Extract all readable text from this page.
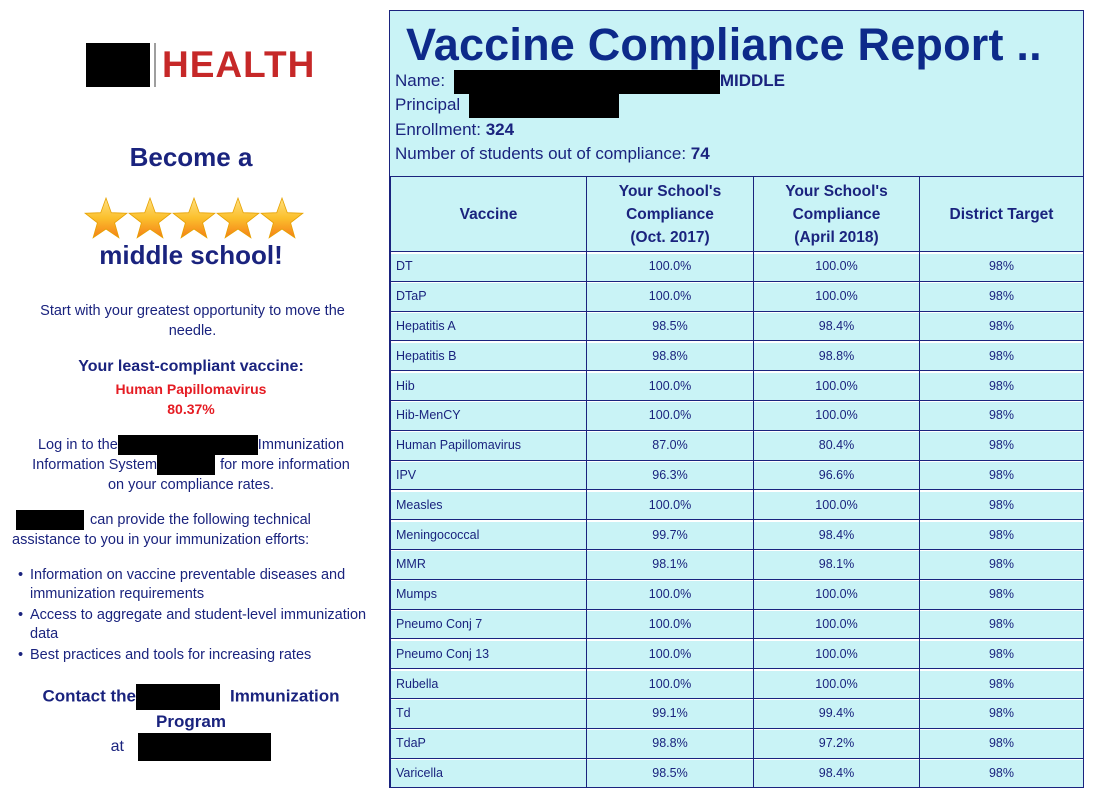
HEALTH
Become a
middle school!
Start with your greatest opportunity to move the needle.
Your least-compliant vaccine:
Human Papillomavirus
80.37%
Log in to the	Immunization
Information System	for more information
on your compliance rates.
can provide the following technical assistance to you in your immunization efforts:
• Information on vaccine preventable diseases and immunization requirements
• Access to aggregate and student-level immunization data
• Best practices and tools for increasing rates
Contact the	Immunization
Program
at
Vaccine Compliance Report ..
Name:	MIDDLE
Principal
Enrollment: 324
Number of students out of compliance: 74
Vaccine	Your School's
Compliance
(Oct. 2017)	Your School's
Compliance
(April 2018)	District Target
DT	100.0%	100.0%	98%
DTaP	100.0%	100.0%	98%
Hepatitis A	98.5%	98.4%	98%
Hepatitis B	98.8%	98.8%	98%
Hib	100.0%	100.0%	98%
Hib-MenCY	100.0%	100.0%	98%
Human Papillomavirus	87.0%	80.4%	98%
IPV	96.3%	96.6%	98%
Measles	100.0%	100.0%	98%
Meningococcal	99.7%	98.4%	98%
MMR	98.1%	98.1%	98%
Mumps	100.0%	100.0%	98%
Pneumo Conj 7	100.0%	100.0%	98%
Pneumo Conj 13	100.0%	100.0%	98%
Rubella	100.0%	100.0%	98%
Td	99.1%	99.4%	98%
TdaP	98.8%	97.2%	98%
Varicella	98.5%	98.4%	98%
